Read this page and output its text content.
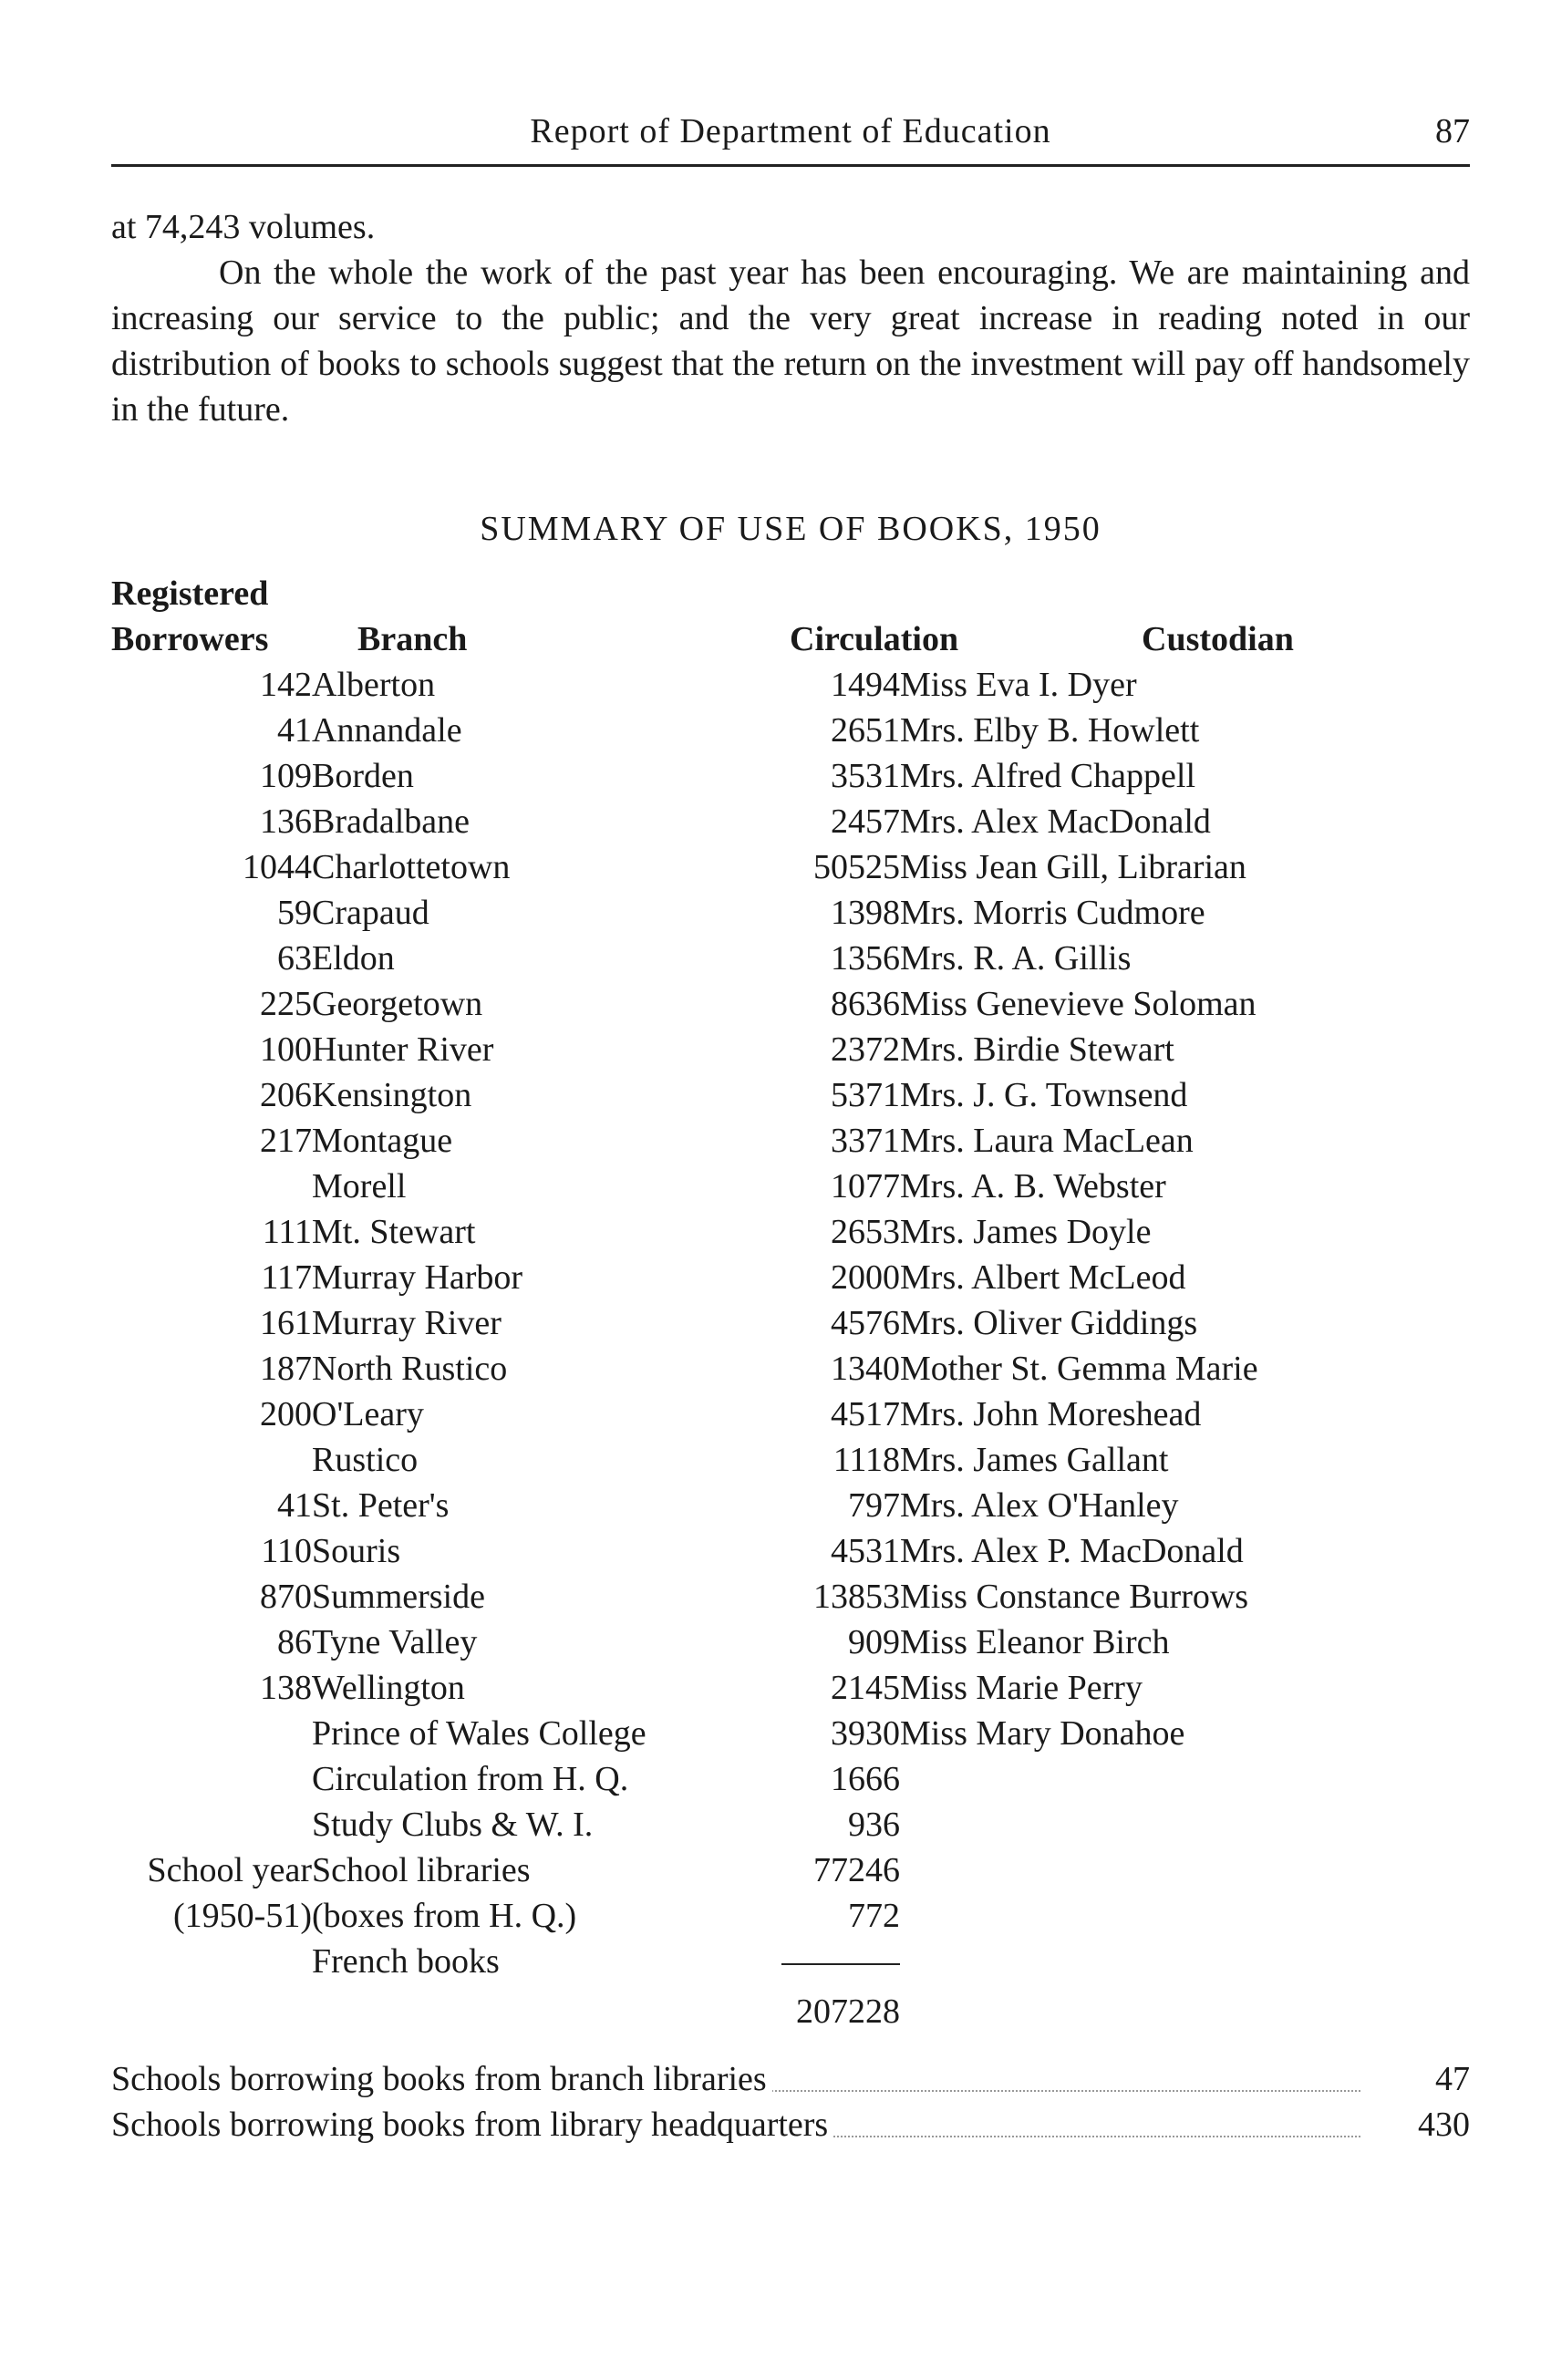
Report of Department of Education	87

at 74,243 volumes.

On the whole the work of the past year has been encouraging. We are maintaining and increasing our service to the public; and the very great increase in reading noted in our distribution of books to schools suggest that the return on the investment will pay off handsomely in the future.

SUMMARY OF USE OF BOOKS, 1950
Registered
Borrowers	Branch	Circulation	Custodian
142	Alberton	1494	Miss Eva I. Dyer
41	Annandale	2651	Mrs. Elby B. Howlett
109	Borden	3531	Mrs. Alfred Chappell
136	Bradalbane	2457	Mrs. Alex MacDonald
1044	Charlottetown	50525	Miss Jean Gill, Librarian
59	Crapaud	1398	Mrs. Morris Cudmore
63	Eldon	1356	Mrs. R. A. Gillis
225	Georgetown	8636	Miss Genevieve Soloman
100	Hunter River	2372	Mrs. Birdie Stewart
206	Kensington	5371	Mrs. J. G. Townsend
217	Montague	3371	Mrs. Laura MacLean
	Morell	1077	Mrs. A. B. Webster
111	Mt. Stewart	2653	Mrs. James Doyle
117	Murray Harbor	2000	Mrs. Albert McLeod
161	Murray River	4576	Mrs. Oliver Giddings
187	North Rustico	1340	Mother St. Gemma Marie
200	O'Leary	4517	Mrs. John Moreshead
	Rustico	1118	Mrs. James Gallant
41	St. Peter's	797	Mrs. Alex O'Hanley
110	Souris	4531	Mrs. Alex P. MacDonald
870	Summerside	13853	Miss Constance Burrows
86	Tyne Valley	909	Miss Eleanor Birch
138	Wellington	2145	Miss Marie Perry
	Prince of Wales College	3930	Miss Mary Donahoe
	Circulation from H. Q.	1666	
	Study Clubs & W. I.	936	
School year	School libraries	77246	
(1950-51)	(boxes from H. Q.)	772	
	French books		
		207228	
Schools borrowing books from branch libraries	47
Schools borrowing books from library headquarters	430
